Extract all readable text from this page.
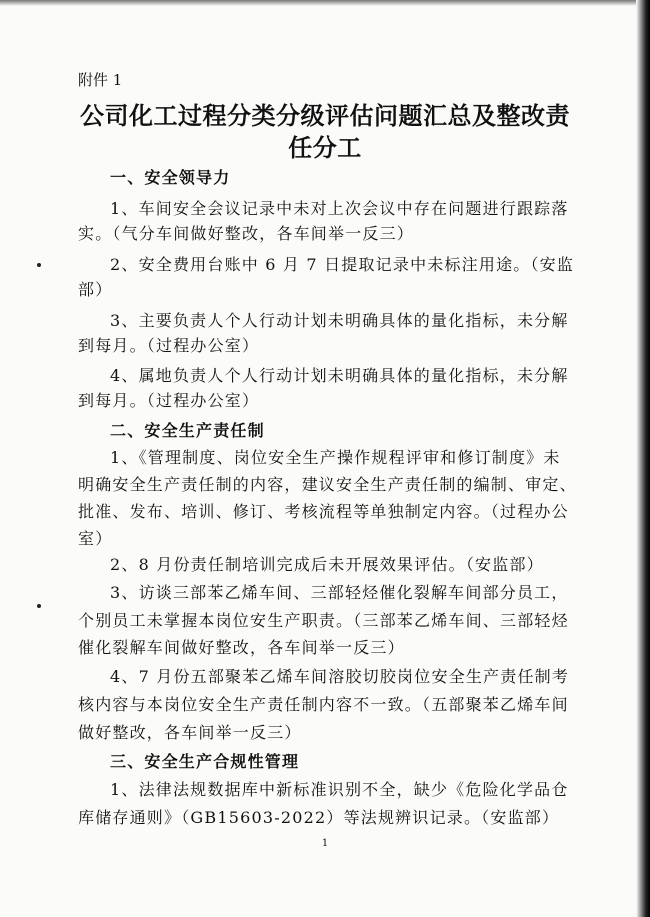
附件 1
公司化工过程分类分级评估问题汇总及整改责
任分工
一、安全领导力
1、车间安全会议记录中未对上次会议中存在问题进行跟踪落
实。（气分车间做好整改，各车间举一反三）
2、安全费用台账中 6 月 7 日提取记录中未标注用途。（安监
部）
3、主要负责人个人行动计划未明确具体的量化指标，未分解
到每月。（过程办公室）
4、属地负责人个人行动计划未明确具体的量化指标，未分解
到每月。（过程办公室）
二、安全生产责任制
1、《管理制度、岗位安全生产操作规程评审和修订制度》未
明确安全生产责任制的内容，建议安全生产责任制的编制、审定、
批准、发布、培训、修订、考核流程等单独制定内容。（过程办公
室）
2、8 月份责任制培训完成后未开展效果评估。（安监部）
3、访谈三部苯乙烯车间、三部轻烃催化裂解车间部分员工，
个别员工未掌握本岗位安生产职责。（三部苯乙烯车间、三部轻烃
催化裂解车间做好整改，各车间举一反三）
4、7 月份五部聚苯乙烯车间溶胶切胶岗位安全生产责任制考
核内容与本岗位安全生产责任制内容不一致。（五部聚苯乙烯车间
做好整改，各车间举一反三）
三、安全生产合规性管理
1、法律法规数据库中新标准识别不全，缺少《危险化学品仓
库储存通则》（GB15603-2022）等法规辨识记录。（安监部）
1
